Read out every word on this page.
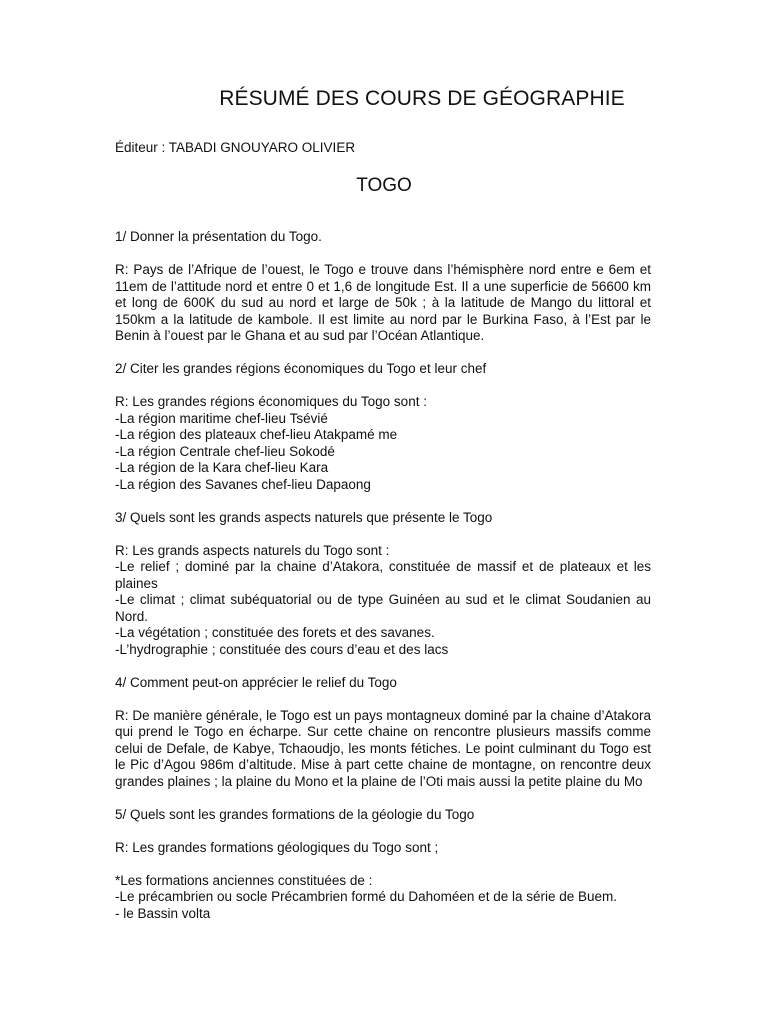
RÉSUMÉ DES COURS DE GÉOGRAPHIE

Éditeur : TABADI GNOUYARO OLIVIER

TOGO

1/ Donner la présentation du Togo.

R: Pays de l’Afrique de l’ouest, le Togo e trouve dans l’hémisphère nord entre e 6em et 11em de l’attitude nord et entre 0 et 1,6 de longitude Est. Il a une superficie de 56600 km et long de 600K du sud au nord et large de 50k ; à la latitude de Mango du littoral et 150km a la latitude de kambole. Il est limite au nord par le Burkina Faso, à l’Est par le Benin à l’ouest par le Ghana et au sud par l’Océan Atlantique.

2/ Citer les grandes régions économiques du Togo et leur chef

R: Les grandes régions économiques du Togo sont :

-La région maritime chef-lieu Tsévié

-La région des plateaux chef-lieu Atakpamé me

-La région Centrale chef-lieu Sokodé

-La région de la Kara chef-lieu Kara

-La région des Savanes chef-lieu Dapaong

3/ Quels sont les grands aspects naturels que présente le Togo

R: Les grands aspects naturels du Togo sont :

-Le relief ; dominé par la chaine d’Atakora, constituée de massif et de plateaux et les plaines

-Le climat ; climat subéquatorial ou de type Guinéen au sud et le climat Soudanien au Nord.

-La végétation ; constituée des forets et des savanes.

-L’hydrographie ; constituée des cours d’eau et des lacs

4/ Comment peut-on apprécier le relief du Togo

R: De manière générale, le Togo est un pays montagneux dominé par la chaine d’Atakora qui prend le Togo en écharpe. Sur cette chaine on rencontre plusieurs massifs comme celui de Defale, de Kabye, Tchaoudjo, les monts fétiches. Le point culminant du Togo est le Pic d’Agou 986m d’altitude. Mise à part cette chaine de montagne, on rencontre deux grandes plaines ; la plaine du Mono et la plaine de l’Oti mais aussi la petite plaine du Mo

5/ Quels sont les grandes formations de la géologie du Togo

R: Les grandes formations géologiques du Togo sont ;

*Les formations anciennes constituées de :

-Le précambrien ou socle Précambrien formé du Dahoméen et de la série de Buem.

- le Bassin volta
